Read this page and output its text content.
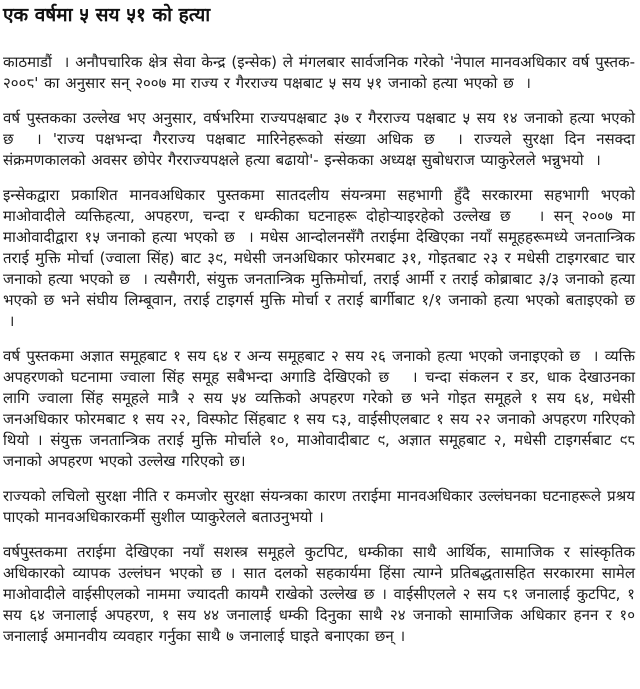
एक वर्षमा ५ सय ५१ को हत्या

काठमाडौं  । अनौपचारिक क्षेत्र सेवा केन्द्र (इन्सेक) ले मंगलबार सार्वजनिक गरेको 'नेपाल मानवअधिकार वर्ष पुस्तक- २००८' का अनुसार सन् २००७ मा राज्य र गैरराज्य पक्षबाट ५ सय ५१ जनाको हत्या भएको छ  ।

वर्ष पुस्तकका उल्लेख भए अनुसार, वर्षभरिमा राज्यपक्षबाट ३७ र गैरराज्य पक्षबाट ५ सय १४ जनाको हत्या भएको छ  । 'राज्य पक्षभन्दा गैरराज्य पक्षबाट मारिनेहरूको संख्या अधिक छ  । राज्यले सुरक्षा दिन नसक्दा संक्रमणकालको अवसर छोपेर गैरराज्यपक्षले हत्या बढायो'- इन्सेकका अध्यक्ष सुबोधराज प्याकुरेलले भन्नुभयो  ।

इन्सेकद्वारा प्रकाशित मानवअधिकार पुस्तकमा सातदलीय संयन्त्रमा सहभागी हुँदै सरकारमा सहभागी भएको माओवादीले व्यक्तिहत्या, अपहरण, चन्दा र धम्कीका घटनाहरू दोहोर्‍याइरहेको उल्लेख छ   । सन् २००७ मा माओवादीद्वारा १५ जनाको हत्या भएको छ  । मधेस आन्दोलनसँगै तराईमा देखिएका नयाँ समूहहरूमध्ये जनतान्त्रिक तराई मुक्ति मोर्चा (ज्वाला सिंह) बाट ३९, मधेसी जनअधिकार फोरमबाट ३१, गोइतबाट २३ र मधेसी टाइगरबाट चार जनाको हत्या भएको छ  । त्यसैगरी, संयुक्त जनतान्त्रिक मुक्तिमोर्चा, तराई आर्मी र तराई कोब्राबाट ३/३ जनाको हत्या भएको छ भने संघीय लिम्बूवान, तराई टाइगर्स मुक्ति मोर्चा र तराई बार्गीबाट १/१ जनाको हत्या भएको बताइएको छ  ।

वर्ष पुस्तकमा अज्ञात समूहबाट १ सय ६४ र अन्य समूहबाट २ सय २६ जनाको हत्या भएको जनाइएको छ  । व्यक्ति अपहरणको घटनामा ज्वाला सिंह समूह सबैभन्दा अगाडि देखिएको छ   । चन्दा संकलन र डर, धाक देखाउनका लागि ज्वाला सिंह समूहले मात्रै २ सय ५४ व्यक्तिको अपहरण गरेको छ भने गोइत समूहले १ सय ६४, मधेसी जनअधिकार फोरमबाट १ सय २२, विस्फोट सिंहबाट १ सय ८३, वाईसीएलबाट १ सय २२ जनाको अपहरण गरिएको थियो । संयुक्त जनतान्त्रिक तराई मुक्ति मोर्चाले १०, माओवादीबाट ९, अज्ञात समूहबाट २, मधेसी टाइगर्सबाट ९८ जनाको अपहरण भएको उल्लेख गरिएको छ।

राज्यको लचिलो सुरक्षा नीति र कमजोर सुरक्षा संयन्त्रका कारण तराईमा मानवअधिकार उल्लंघनका घटनाहरूले प्रश्रय पाएको मानवअधिकारकर्मी सुशील प्याकुरेलले बताउनुभयो ।

वर्षपुस्तकमा तराईमा देखिएका नयाँ सशस्त्र समूहले कुटपिट, धम्कीका साथै आर्थिक, सामाजिक र सांस्कृतिक अधिकारको व्यापक उल्लंघन भएको छ । सात दलको सहकार्यमा हिंसा त्याग्ने प्रतिबद्धतासहित सरकारमा सामेल माओवादीले वाईसीएलको नाममा ज्यादती कायमै राखेको उल्लेख छ । वाईसीएलले २ सय ८१ जनालाई कुटपिट, १ सय ६४ जनालाई अपहरण, १ सय ४४ जनालाई धम्की दिनुका साथै २४ जनाको सामाजिक अधिकार हनन र १० जनालाई अमानवीय व्यवहार गर्नुका साथै ७ जनालाई घाइते बनाएका छन् ।
